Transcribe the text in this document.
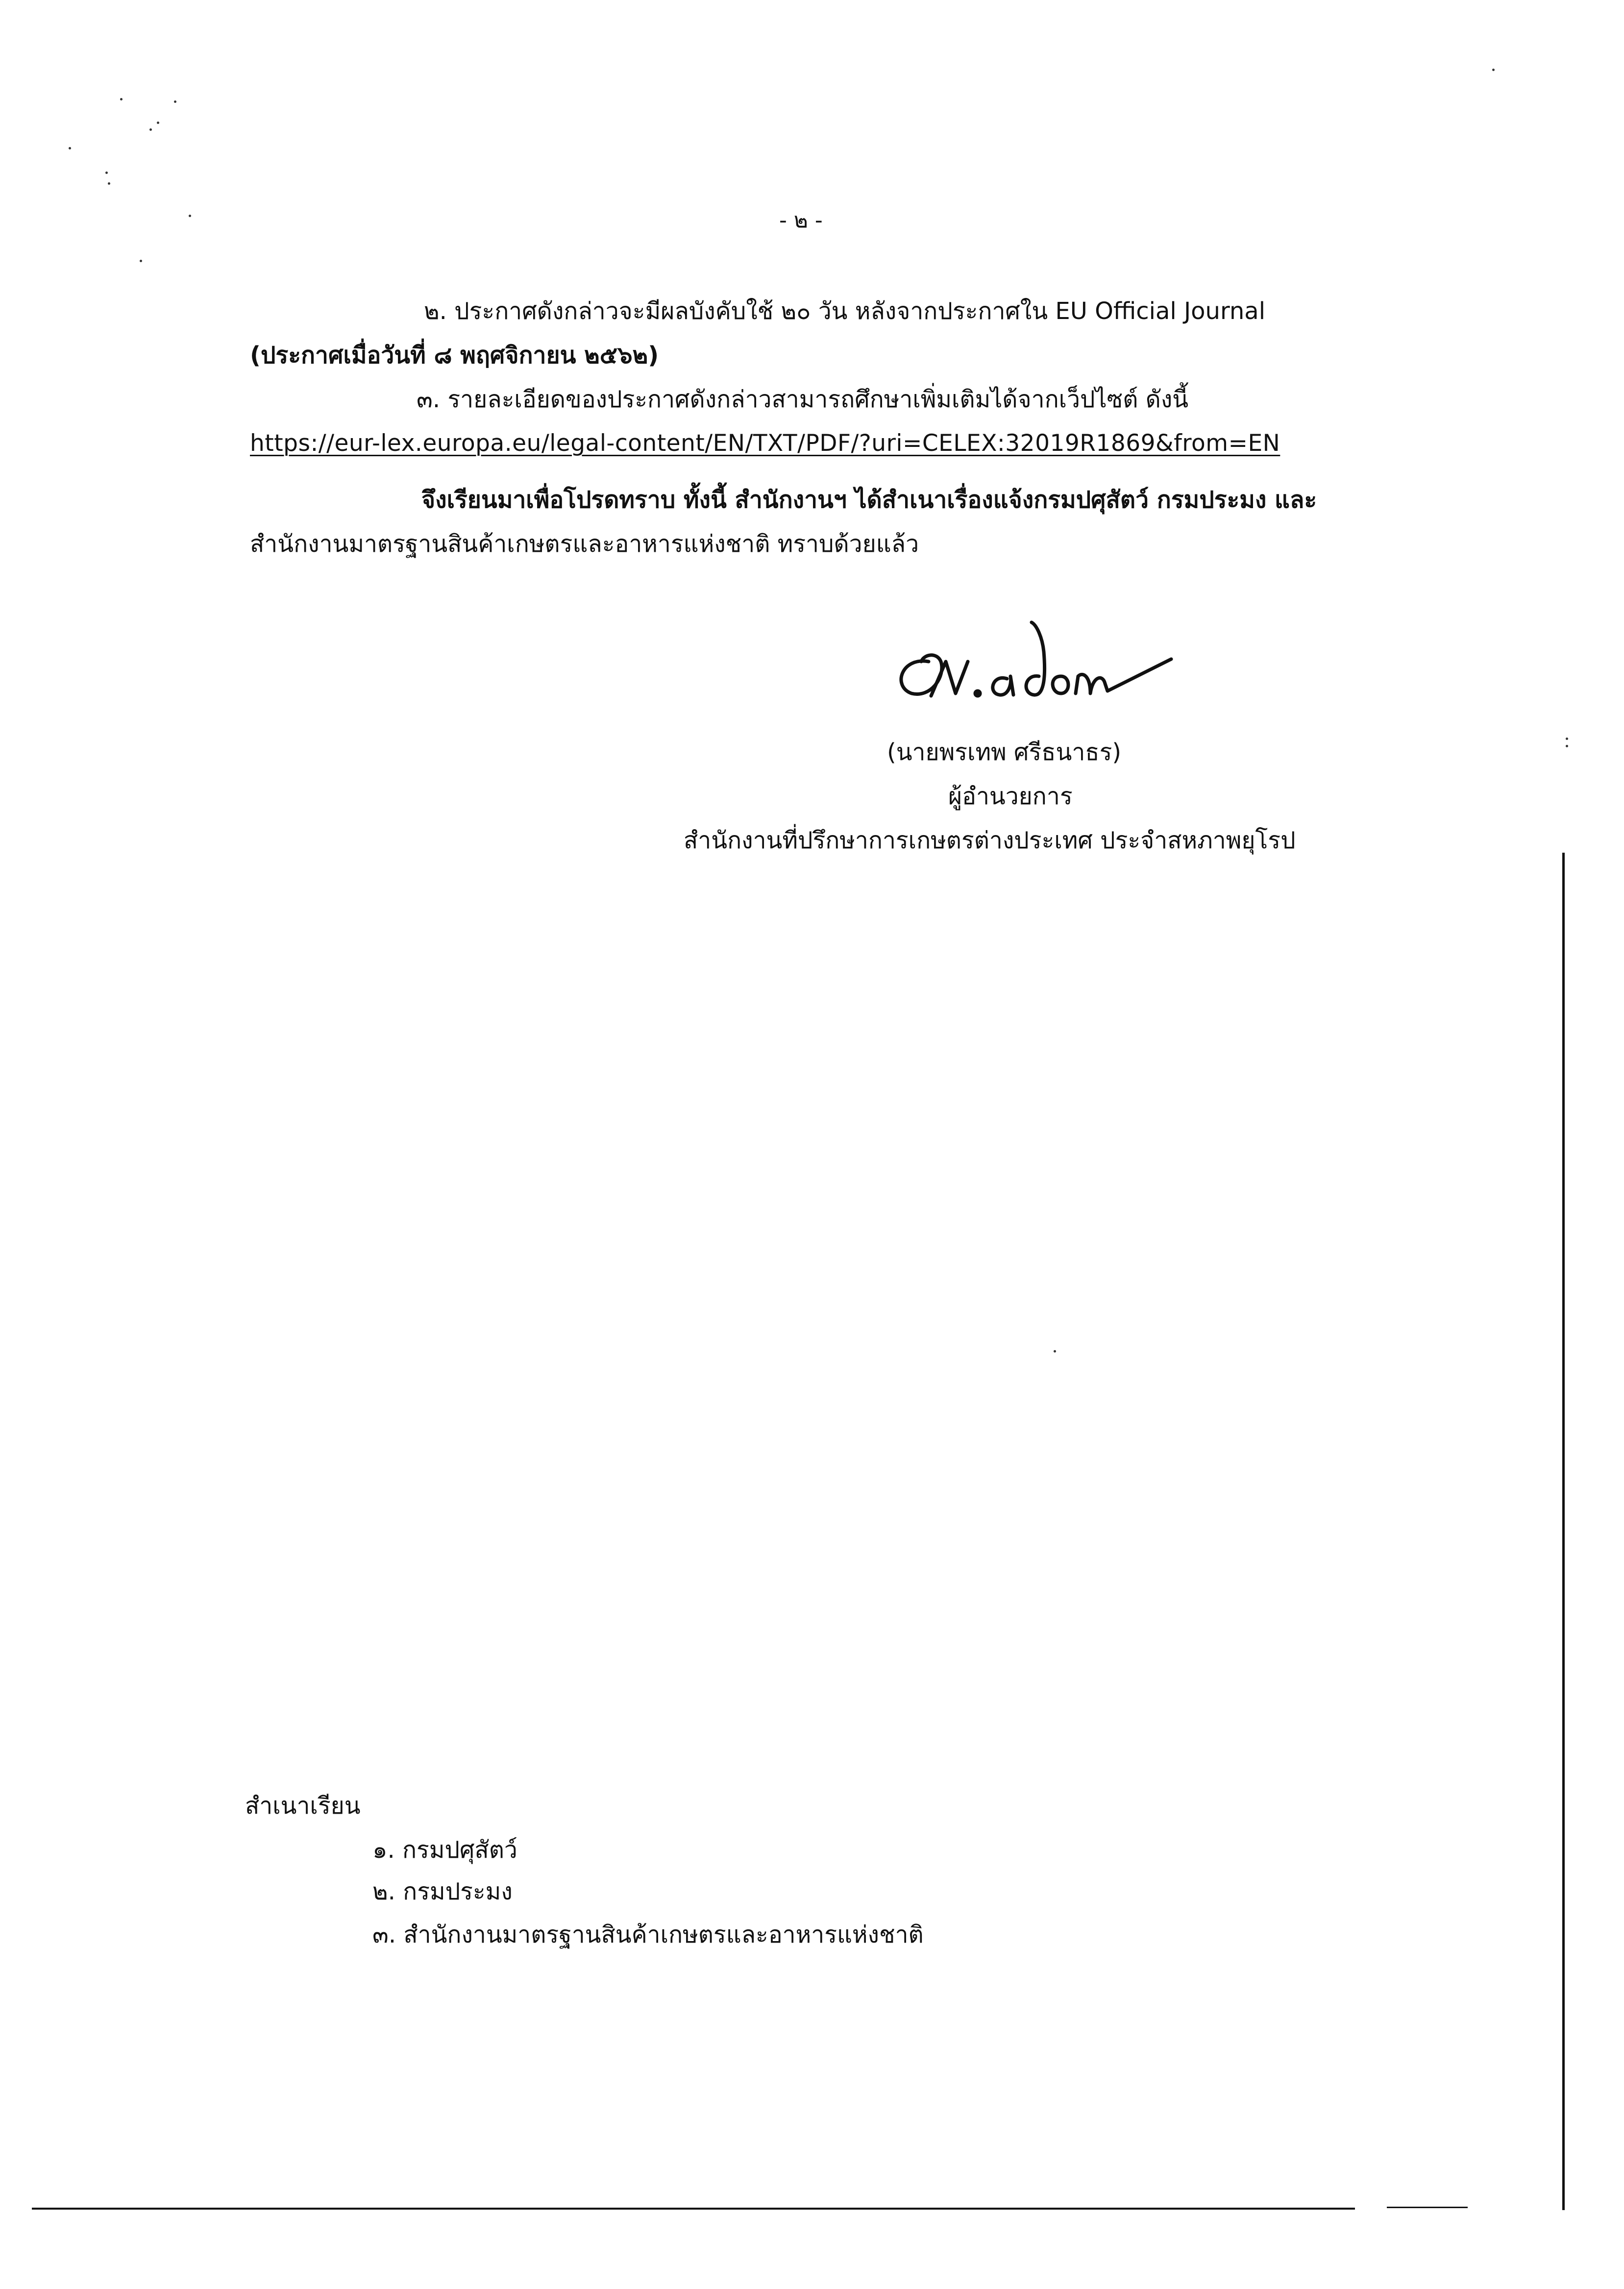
- ๒ -
๒. ประกาศดังกล่าวจะมีผลบังคับใช้ ๒๐ วัน หลังจากประกาศใน EU Official Journal
(ประกาศเมื่อวันที่ ๘ พฤศจิกายน ๒๕๖๒)
๓. รายละเอียดของประกาศดังกล่าวสามารถศึกษาเพิ่มเติมได้จากเว็ปไซต์ ดังนี้
https://eur-lex.europa.eu/legal-content/EN/TXT/PDF/?uri=CELEX:32019R1869&from=EN
จึงเรียนมาเพื่อโปรดทราบ ทั้งนี้ สำนักงานฯ ได้สำเนาเรื่องแจ้งกรมปศุสัตว์ กรมประมง และ
สำนักงานมาตรฐานสินค้าเกษตรและอาหารแห่งชาติ ทราบด้วยแล้ว
(นายพรเทพ ศรีธนาธร)
ผู้อำนวยการ
สำนักงานที่ปรึกษาการเกษตรต่างประเทศ ประจำสหภาพยุโรป
สำเนาเรียน
๑. กรมปศุสัตว์
๒. กรมประมง
๓. สำนักงานมาตรฐานสินค้าเกษตรและอาหารแห่งชาติ
